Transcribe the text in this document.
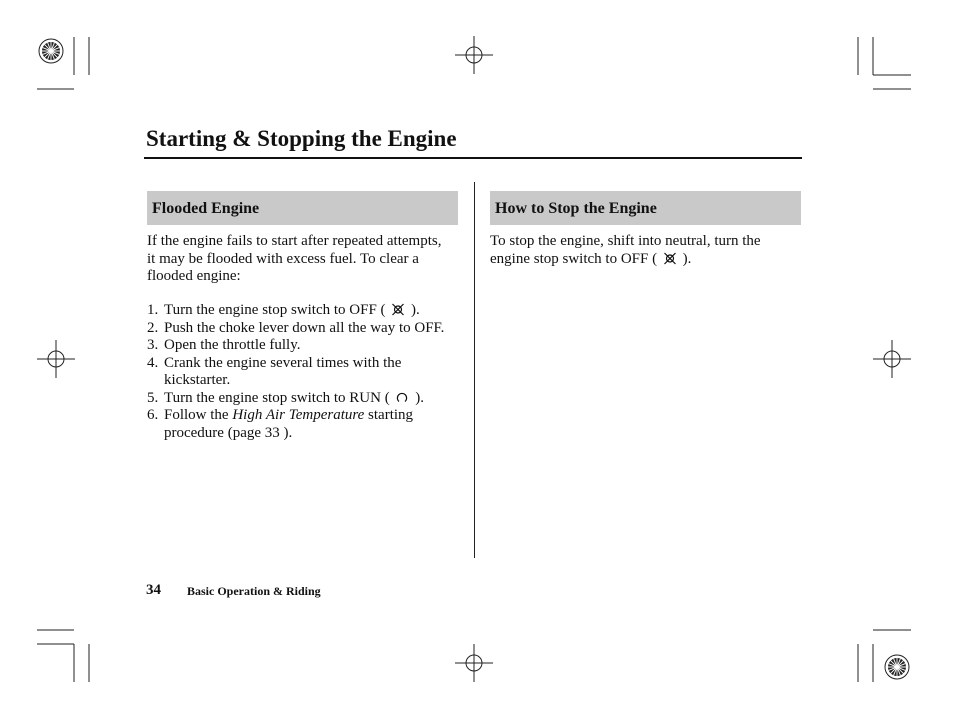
Starting & Stopping the Engine
Flooded Engine
If the engine fails to start after repeated attempts, it may be flooded with excess fuel. To clear a flooded engine:
1. Turn the engine stop switch to OFF ( ).
2. Push the choke lever down all the way to OFF.
3. Open the throttle fully.
4. Crank the engine several times with the kickstarter.
5. Turn the engine stop switch to RUN ( ).
6. Follow the High Air Temperature starting procedure (page 33 ).
How to Stop the Engine
To stop the engine, shift into neutral, turn the engine stop switch to OFF ( ).
34 Basic Operation & Riding
